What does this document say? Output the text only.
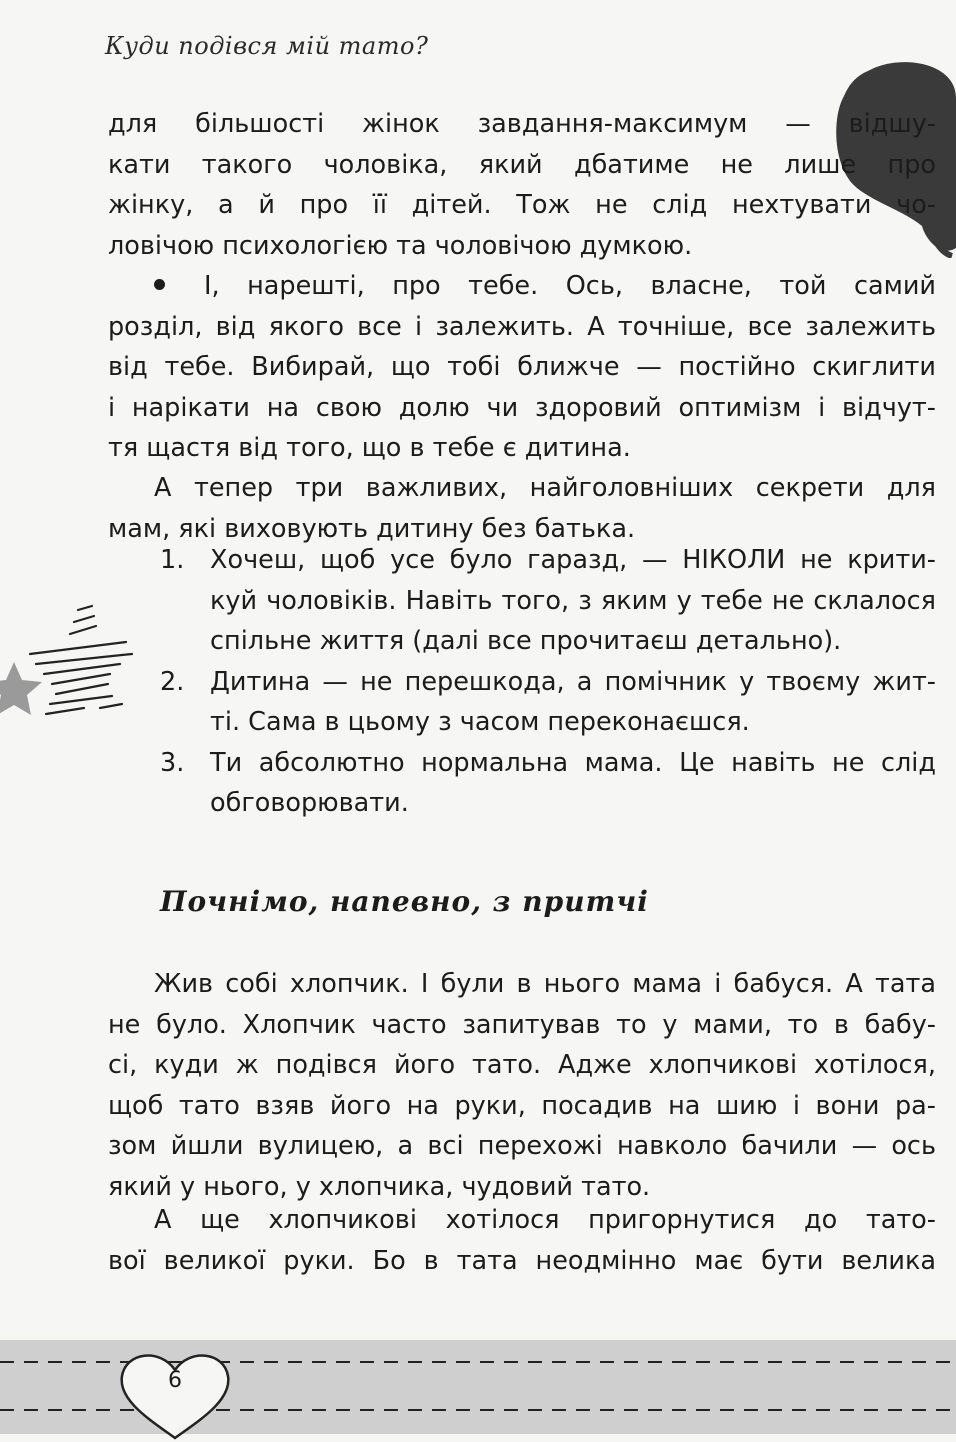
Куди подівся мій тато?
для більшості жінок завдання-максимум — відшу-
кати такого чоловіка, який дбатиме не лише про
жінку, а й про її дітей. Тож не слід нехтувати чо-
ловічою психологією та чоловічою думкою.
І, нарешті, про тебе. Ось, власне, той самий
розділ, від якого все і залежить. А точніше, все залежить
від тебе. Вибирай, що тобі ближче — постійно скиглити
і нарікати на свою долю чи здоровий оптимізм і відчут-
тя щастя від того, що в тебе є дитина.
А тепер три важливих, найголовніших секрети для
мам, які виховують дитину без батька.
1. Хочеш, щоб усе було гаразд, — НІКОЛИ не крити-
куй чоловіків. Навіть того, з яким у тебе не склалося
спільне життя (далі все прочитаєш детально).
2. Дитина — не перешкода, а помічник у твоєму жит-
ті. Сама в цьому з часом переконаєшся.
3. Ти абсолютно нормальна мама. Це навіть не слід
обговорювати.
Почнімо, напевно, з притчі
Жив собі хлопчик. І були в нього мама і бабуся. А тата
не було. Хлопчик часто запитував то у мами, то в бабу-
сі, куди ж подівся його тато. Адже хлопчикові хотілося,
щоб тато взяв його на руки, посадив на шию і вони ра-
зом йшли вулицею, а всі перехожі навколо бачили — ось
який у нього, у хлопчика, чудовий тато.
А ще хлопчикові хотілося пригорнутися до тато-
вої великої руки. Бо в тата неодмінно має бути велика
6
